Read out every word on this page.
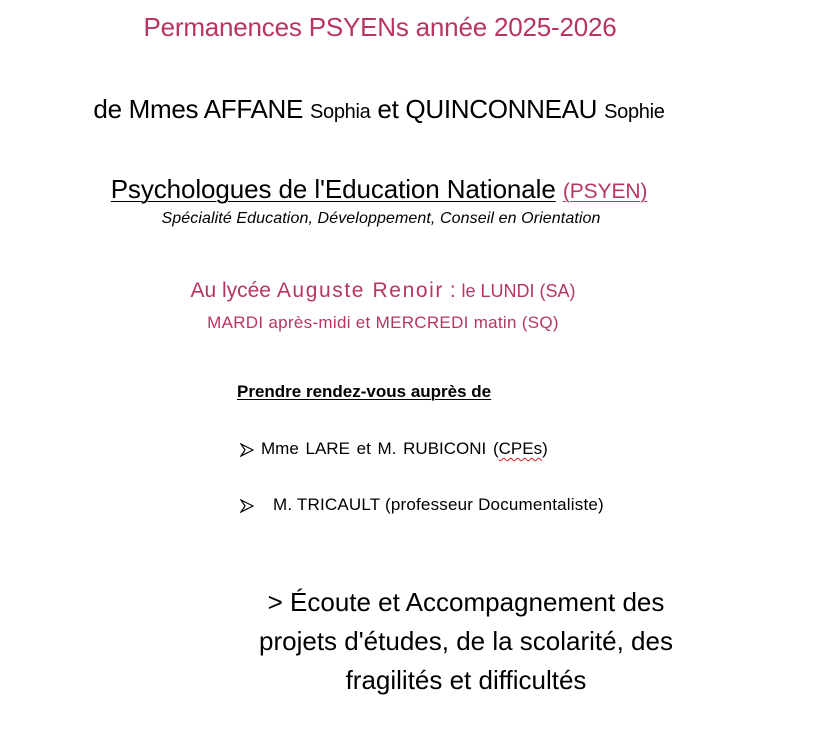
Permanences PSYENs année 2025-2026
de Mmes AFFANE Sophia et QUINCONNEAU Sophie
Psychologues de l'Education Nationale (PSYEN)
Spécialité Education, Développement, Conseil en Orientation
Au lycée Auguste Renoir : le LUNDI (SA)
MARDI après-midi et MERCREDI matin (SQ)
Prendre rendez-vous auprès de
Mme LARE et M. RUBICONI (CPEs)
M. TRICAULT (professeur Documentaliste)
> Écoute et Accompagnement des projets d'études, de la scolarité, des fragilités et difficultés
